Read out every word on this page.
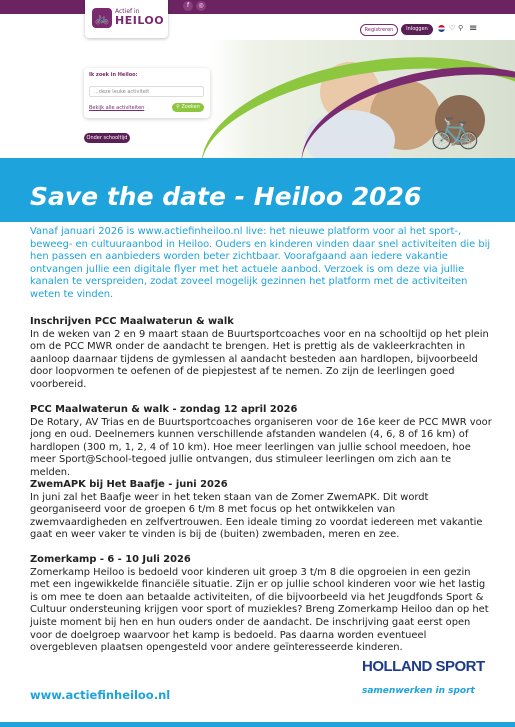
f	◎
🚲 Actief in
HEILOO
Registreren	Inloggen	♡ ⚲ ≡
🚲
Ik zoek in Heiloo:
...deze leuke activiteit
Bekijk alle activiteiten	⚲ Zoeken
Onder schooltijd
Save the date - Heiloo 2026
Vanaf januari 2026 is www.actiefinheiloo.nl live: het nieuwe platform voor al het sport-, beweeg- en cultuuraanbod in Heiloo. Ouders en kinderen vinden daar snel activiteiten die bij hen passen en aanbieders worden beter zichtbaar. Voorafgaand aan iedere vakantie ontvangen jullie een digitale flyer met het actuele aanbod. Verzoek is om deze via jullie kanalen te verspreiden, zodat zoveel mogelijk gezinnen het platform met de activiteiten weten te vinden.
Inschrijven PCC Maalwaterun & walk

In de weken van 2 en 9 maart staan de Buurtsportcoaches voor en na schooltijd op het plein om de PCC MWR onder de aandacht te brengen. Het is prettig als de vakleerkrachten in aanloop daarnaar tijdens de gymlessen al aandacht besteden aan hardlopen, bijvoorbeeld door loopvormen te oefenen of de piepjestest af te nemen. Zo zijn de leerlingen goed voorbereid.

PCC Maalwaterun & walk - zondag 12 april 2026

De Rotary, AV Trias en de Buurtsportcoaches organiseren voor de 16e keer de PCC MWR voor jong en oud. Deelnemers kunnen verschillende afstanden wandelen (4, 6, 8 of 16 km) of hardlopen (300 m, 1, 2, 4 of 10 km). Hoe meer leerlingen van jullie school meedoen, hoe meer Sport@School-tegoed jullie ontvangen, dus stimuleer leerlingen om zich aan te melden.

ZwemAPK bij Het Baafje - juni 2026

In juni zal het Baafje weer in het teken staan van de Zomer ZwemAPK. Dit wordt georganiseerd voor de groepen 6 t/m 8 met focus op het ontwikkelen van zwemvaardigheden en zelfvertrouwen. Een ideale timing zo voordat iedereen met vakantie gaat en weer vaker te vinden is bij de (buiten) zwembaden, meren en zee.

Zomerkamp - 6 - 10 Juli 2026

Zomerkamp Heiloo is bedoeld voor kinderen uit groep 3 t/m 8 die opgroeien in een gezin met een ingewikkelde financiële situatie. Zijn er op jullie school kinderen voor wie het lastig is om mee te doen aan betaalde activiteiten, of die bijvoorbeeld via het Jeugdfonds Sport & Cultuur ondersteuning krijgen voor sport of muziekles? Breng Zomerkamp Heiloo dan op het juiste moment bij hen en hun ouders onder de aandacht. De inschrijving gaat eerst open voor de doelgroep waarvoor het kamp is bedoeld. Pas daarna worden eventueel overgebleven plaatsen opengesteld voor andere geïnteresseerde kinderen.

www.actiefinheiloo.nl
HOLLAND SPORT
samenwerken in sport
